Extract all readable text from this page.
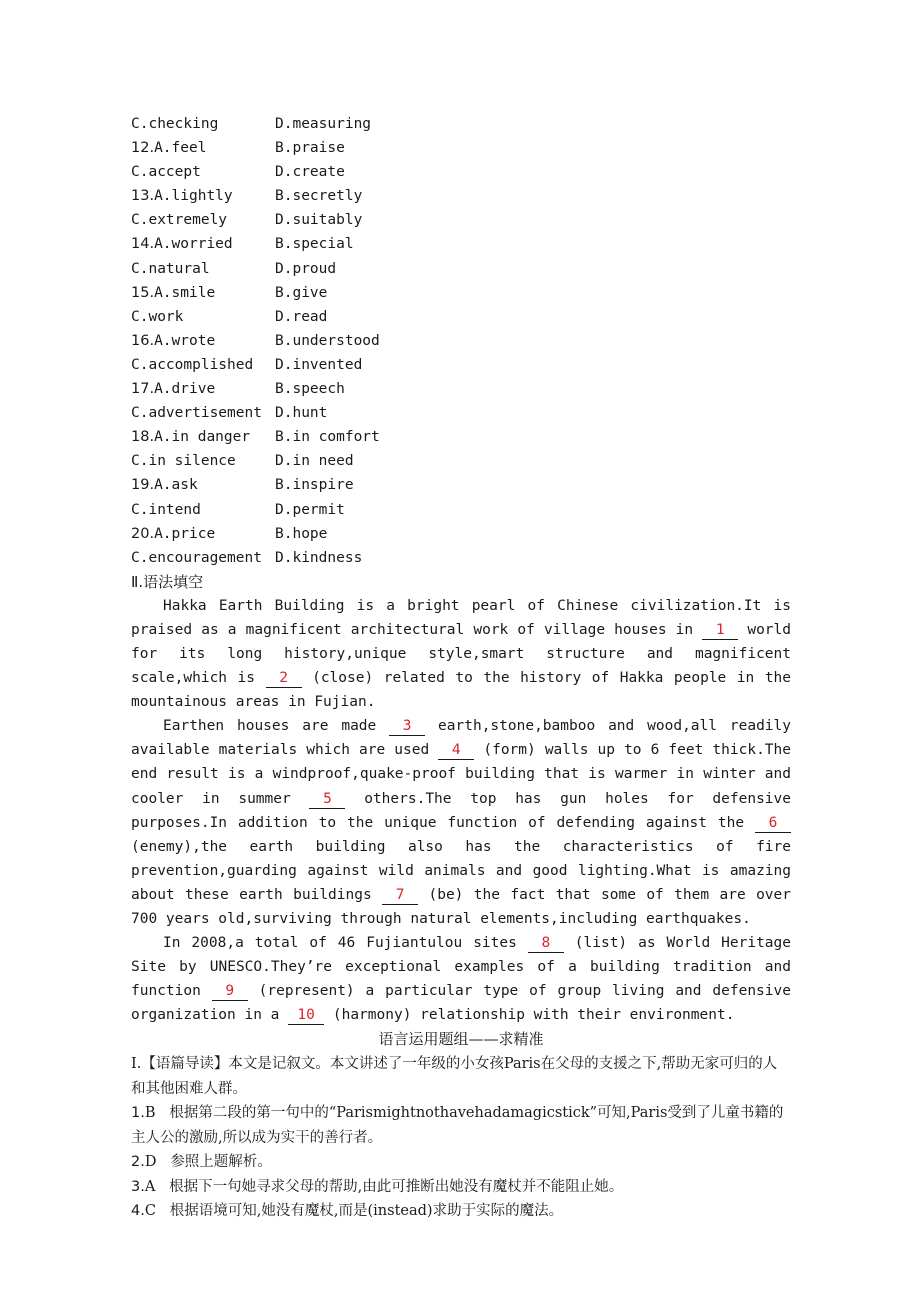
C.checking	D.measuring
12.A.feel	B.praise
C.accept	D.create
13.A.lightly	B.secretly
C.extremely	D.suitably
14.A.worried	B.special
C.natural	D.proud
15.A.smile	B.give
C.work	D.read
16.A.wrote	B.understood
C.accomplished	D.invented
17.A.drive	B.speech
C.advertisement D.hunt
18.A.in danger	B.in comfort
C.in silence	D.in need
19.A.ask	B.inspire
C.intend	D.permit
20.A.price	B.hope
C.encouragement D.kindness
Ⅱ.语法填空

Hakka Earth Building is a bright pearl of Chinese civilization.It is praised as a magnificent architectural work of village houses in 1 world for its long history,unique style,smart structure and magnificent scale,which is 2 (close) related to the history of Hakka people in the mountainous areas in Fujian.

Earthen houses are made 3 earth,stone,bamboo and wood,all readily available materials which are used 4 (form) walls up to 6 feet thick.The end result is a windproof,quake-proof building that is warmer in winter and cooler in summer 5 others.The top has gun holes for defensive purposes.In addition to the unique function of defending against the 6 (enemy),the earth building also has the characteristics of fire prevention,guarding against wild animals and good lighting.What is amazing about these earth buildings 7 (be) the fact that some of them are over 700 years old,surviving through natural elements,including earthquakes.

In 2008,a total of 46 Fujiantulou sites 8 (list) as World Heritage Site by UNESCO.They’re exceptional examples of a building tradition and function 9 (represent) a particular type of group living and defensive organization in a 10 (harmony) relationship with their environment.

语言运用题组——求精准

Ⅰ.【语篇导读】本文是记叙文。本文讲述了一年级的小女孩Paris在父母的支援之下,帮助无家可归的人和其他困难人群。

1.B 根据第二段的第一句中的“Parismightnothavehadamagicstick”可知,Paris受到了儿童书籍的主人公的激励,所以成为实干的善行者。

2.D 参照上题解析。

3.A 根据下一句她寻求父母的帮助,由此可推断出她没有魔杖并不能阻止她。

4.C 根据语境可知,她没有魔杖,而是(instead)求助于实际的魔法。
